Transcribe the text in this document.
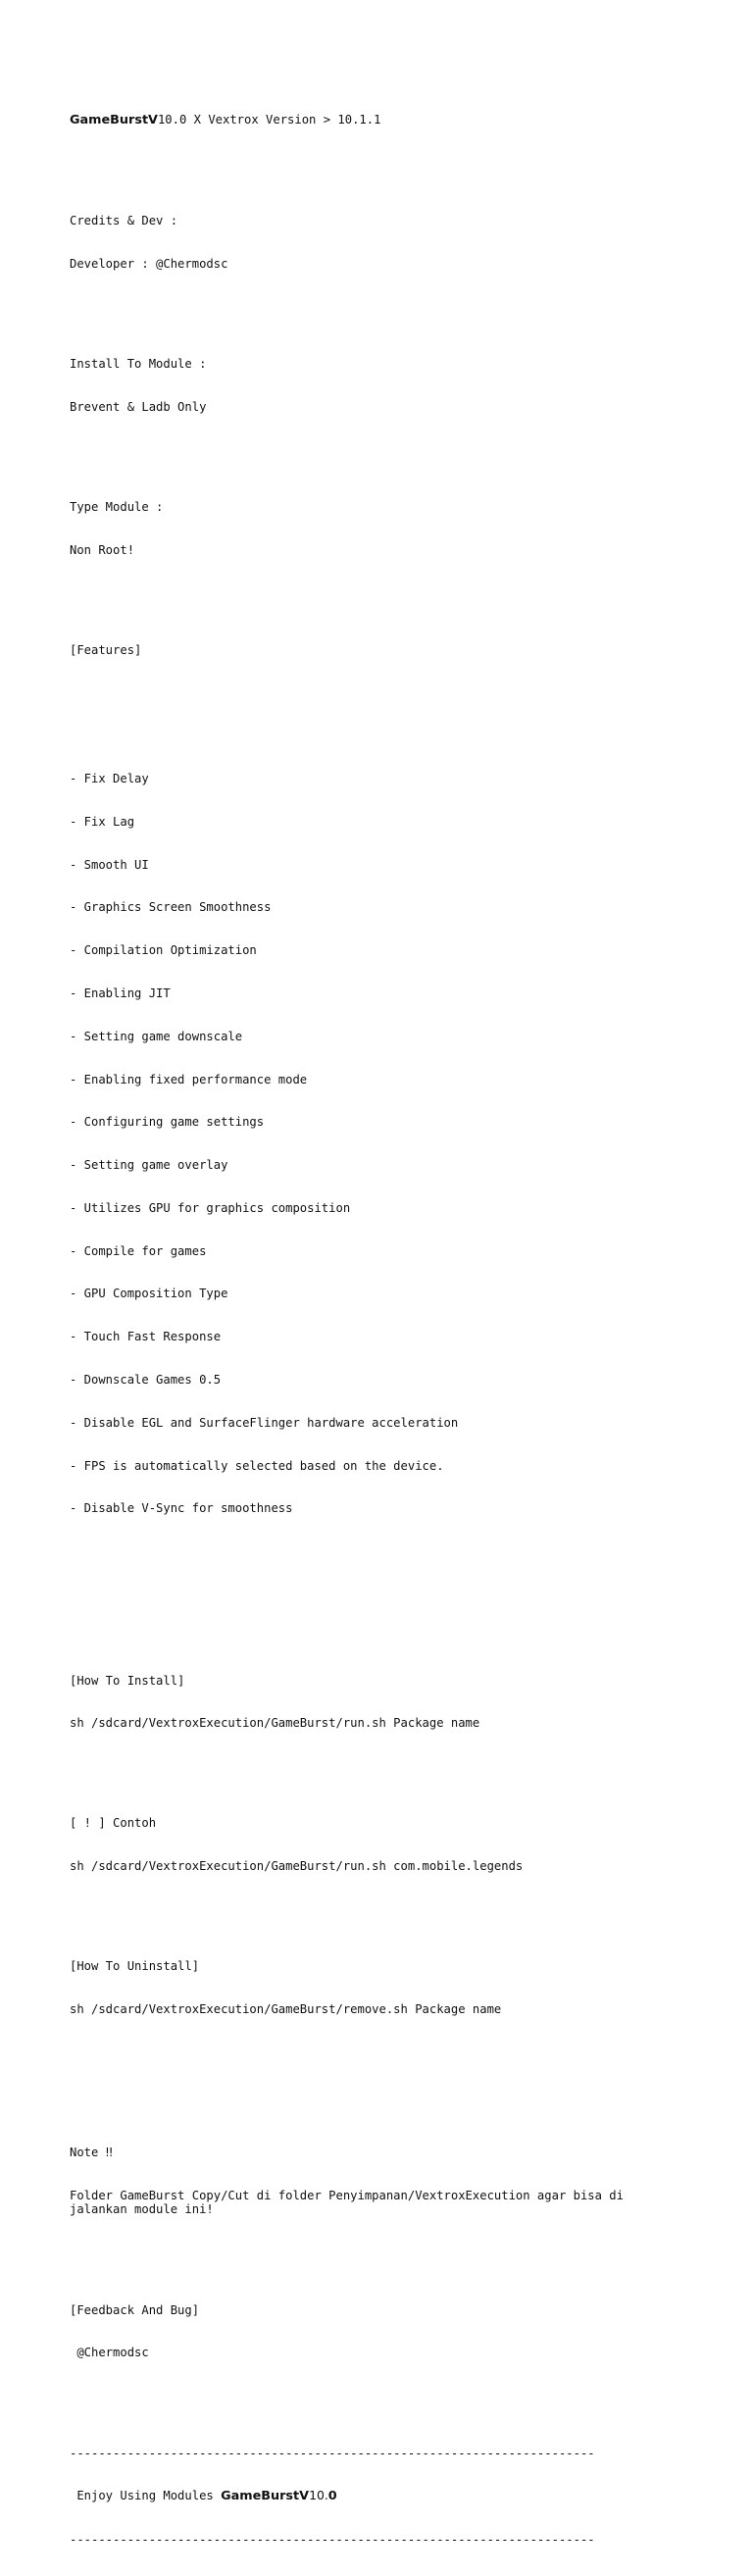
GameBurstV10.0 X Vextrox Version > 10.1.1

Credits & Dev :

Developer : @Chermodsc

Install To Module :

Brevent & Ladb Only

Type Module :

Non Root!

[Features]

- Fix Delay

- Fix Lag

- Smooth UI

- Graphics Screen Smoothness

- Compilation Optimization

- Enabling JIT

- Setting game downscale

- Enabling fixed performance mode

- Configuring game settings

- Setting game overlay

- Utilizes GPU for graphics composition

- Compile for games

- GPU Composition Type

- Touch Fast Response

- Downscale Games 0.5

- Disable EGL and SurfaceFlinger hardware acceleration

- FPS is automatically selected based on the device.

- Disable V-Sync for smoothness

[How To Install]

sh /sdcard/VextroxExecution/GameBurst/run.sh Package name

[ ! ] Contoh

sh /sdcard/VextroxExecution/GameBurst/run.sh com.mobile.legends

[How To Uninstall]

sh /sdcard/VextroxExecution/GameBurst/remove.sh Package name

Note ‼

Folder GameBurst Copy/Cut di folder Penyimpanan/VextroxExecution agar bisa di jalankan module ini!

[Feedback And Bug]

@Chermodsc

-------------------------------------------------------------------------

Enjoy Using Modules GameBurstV10.0

-------------------------------------------------------------------------
